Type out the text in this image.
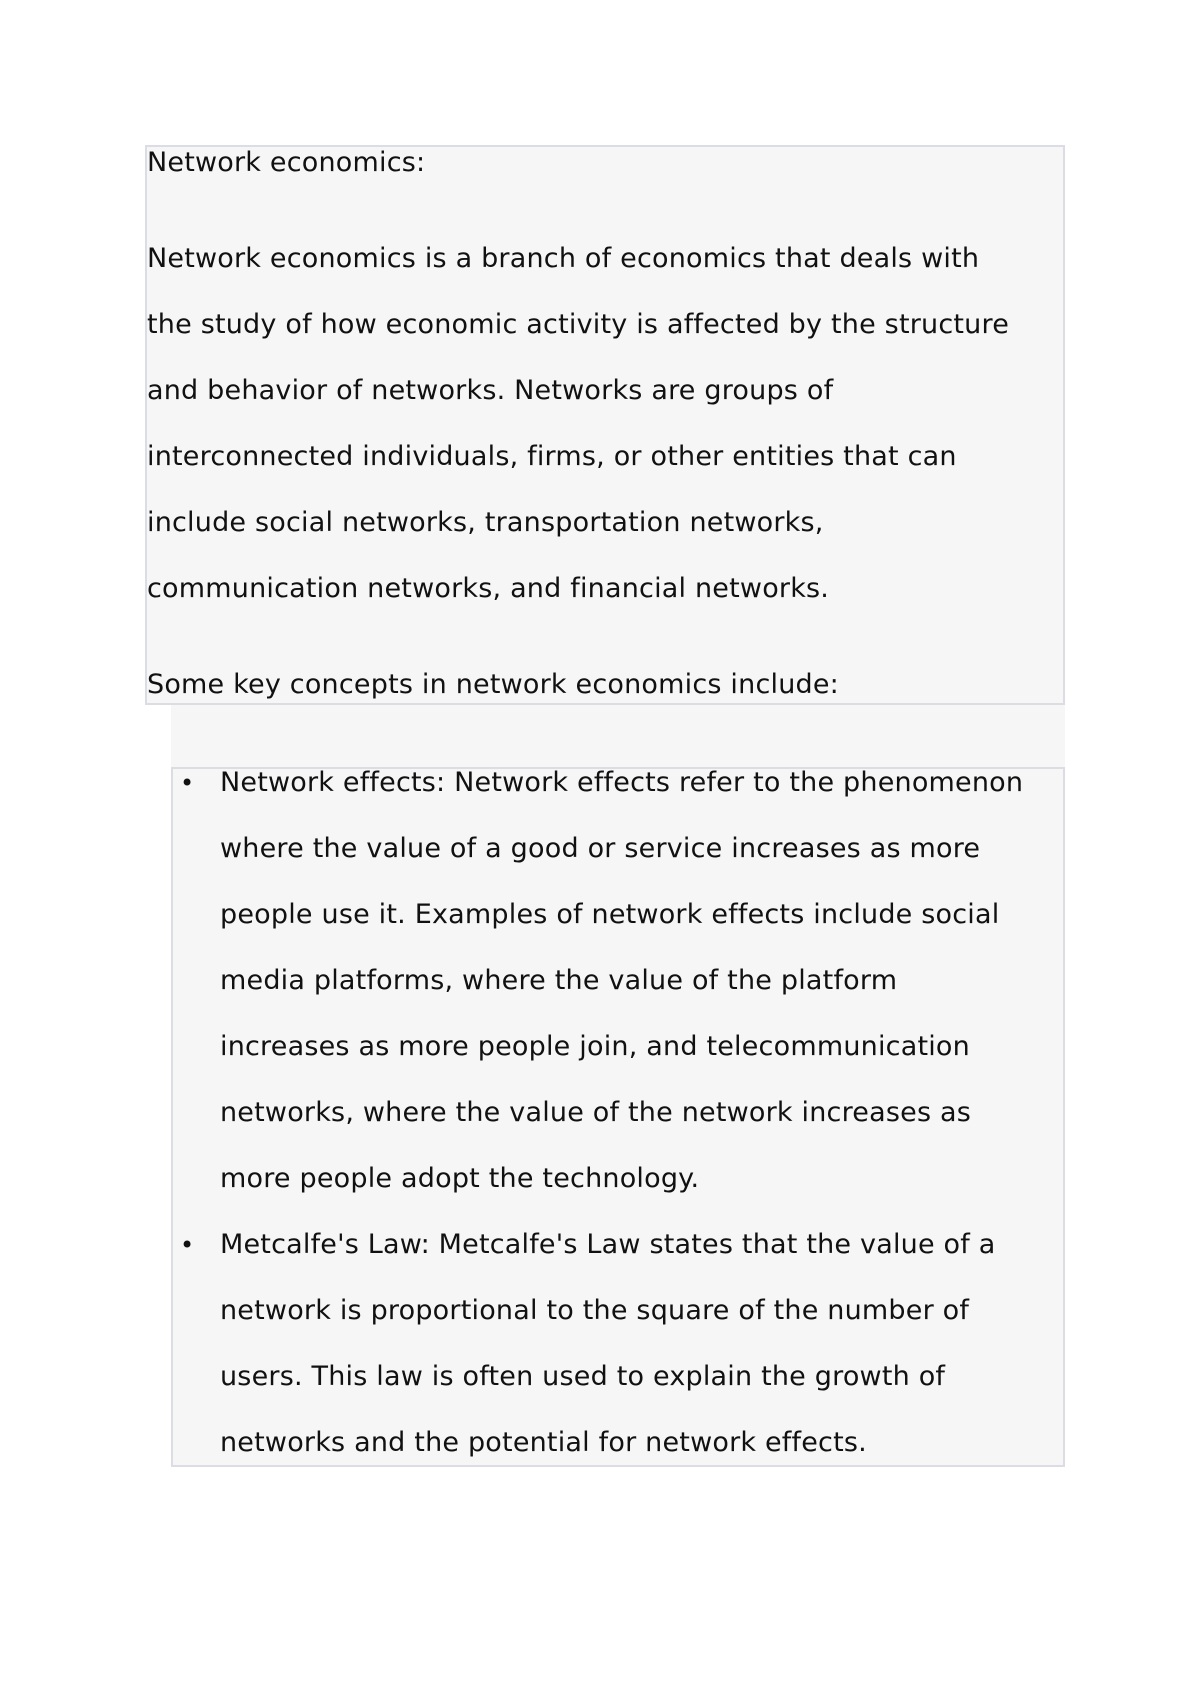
Network economics:
Network economics is a branch of economics that deals with
the study of how economic activity is affected by the structure
and behavior of networks. Networks are groups of
interconnected individuals, firms, or other entities that can
include social networks, transportation networks,
communication networks, and financial networks.
Some key concepts in network economics include:
• Network effects: Network effects refer to the phenomenon
where the value of a good or service increases as more
people use it. Examples of network effects include social
media platforms, where the value of the platform
increases as more people join, and telecommunication
networks, where the value of the network increases as
more people adopt the technology.
• Metcalfe's Law: Metcalfe's Law states that the value of a
network is proportional to the square of the number of
users. This law is often used to explain the growth of
networks and the potential for network effects.
